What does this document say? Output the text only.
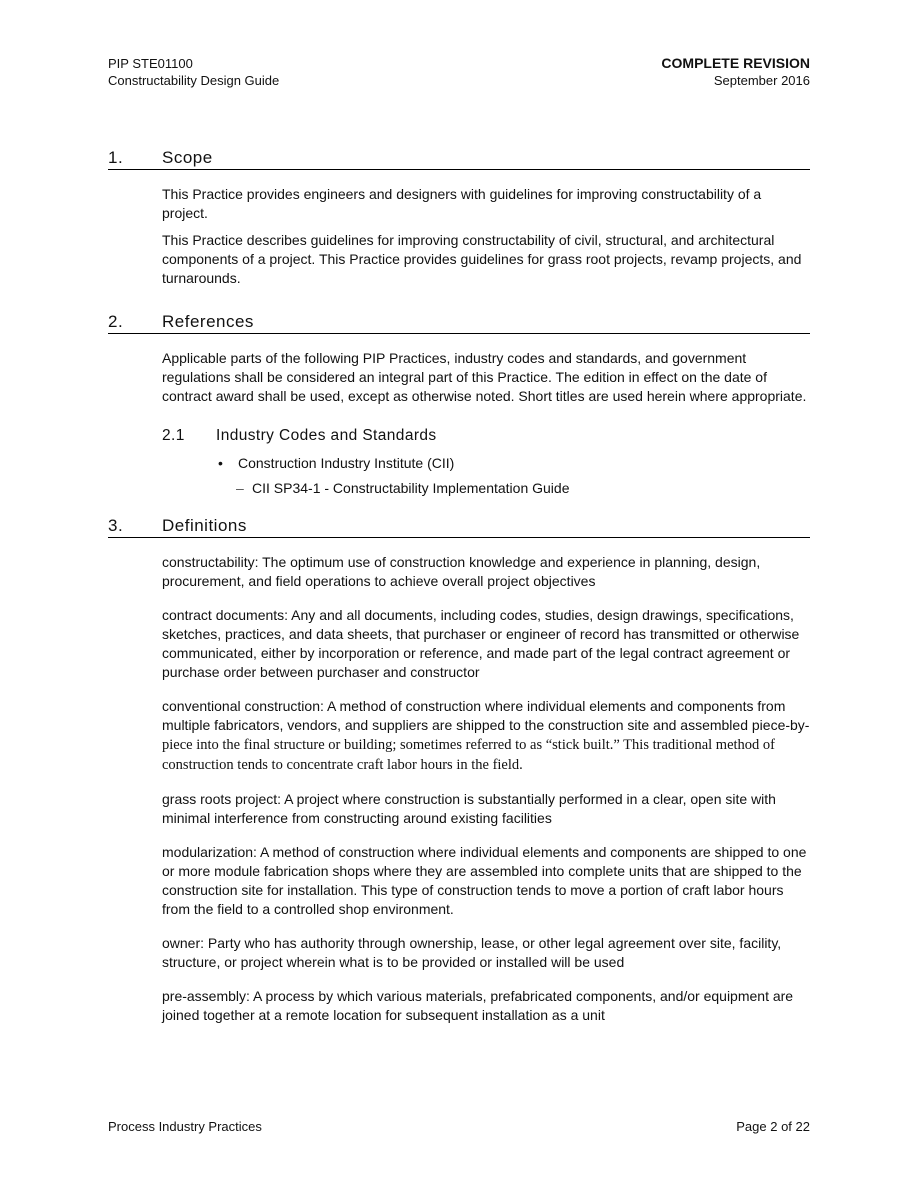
PIP STE01100
Constructability Design Guide
COMPLETE REVISION
September 2016
1.	Scope

This Practice provides engineers and designers with guidelines for improving constructability of a project.

This Practice describes guidelines for improving constructability of civil, structural, and architectural components of a project. This Practice provides guidelines for grass root projects, revamp projects, and turnarounds.

2.	References

Applicable parts of the following PIP Practices, industry codes and standards, and government regulations shall be considered an integral part of this Practice. The edition in effect on the date of contract award shall be used, except as otherwise noted. Short titles are used herein where appropriate.

2.1	Industry Codes and Standards
•	Construction Industry Institute (CII)
– CII SP34-1 - Constructability Implementation Guide
3.	Definitions

constructability: The optimum use of construction knowledge and experience in planning, design, procurement, and field operations to achieve overall project objectives

contract documents: Any and all documents, including codes, studies, design drawings, specifications, sketches, practices, and data sheets, that purchaser or engineer of record has transmitted or otherwise communicated, either by incorporation or reference, and made part of the legal contract agreement or purchase order between purchaser and constructor

conventional construction: A method of construction where individual elements and components from multiple fabricators, vendors, and suppliers are shipped to the construction site and assembled piece-by-piece into the final structure or building; sometimes referred to as “stick built.” This traditional method of construction tends to concentrate craft labor hours in the field.

grass roots project: A project where construction is substantially performed in a clear, open site with minimal interference from constructing around existing facilities

modularization: A method of construction where individual elements and components are shipped to one or more module fabrication shops where they are assembled into complete units that are shipped to the construction site for installation. This type of construction tends to move a portion of craft labor hours from the field to a controlled shop environment.

owner: Party who has authority through ownership, lease, or other legal agreement over site, facility, structure, or project wherein what is to be provided or installed will be used

pre-assembly: A process by which various materials, prefabricated components, and/or equipment are joined together at a remote location for subsequent installation as a unit

Process Industry Practices	Page 2 of 22
